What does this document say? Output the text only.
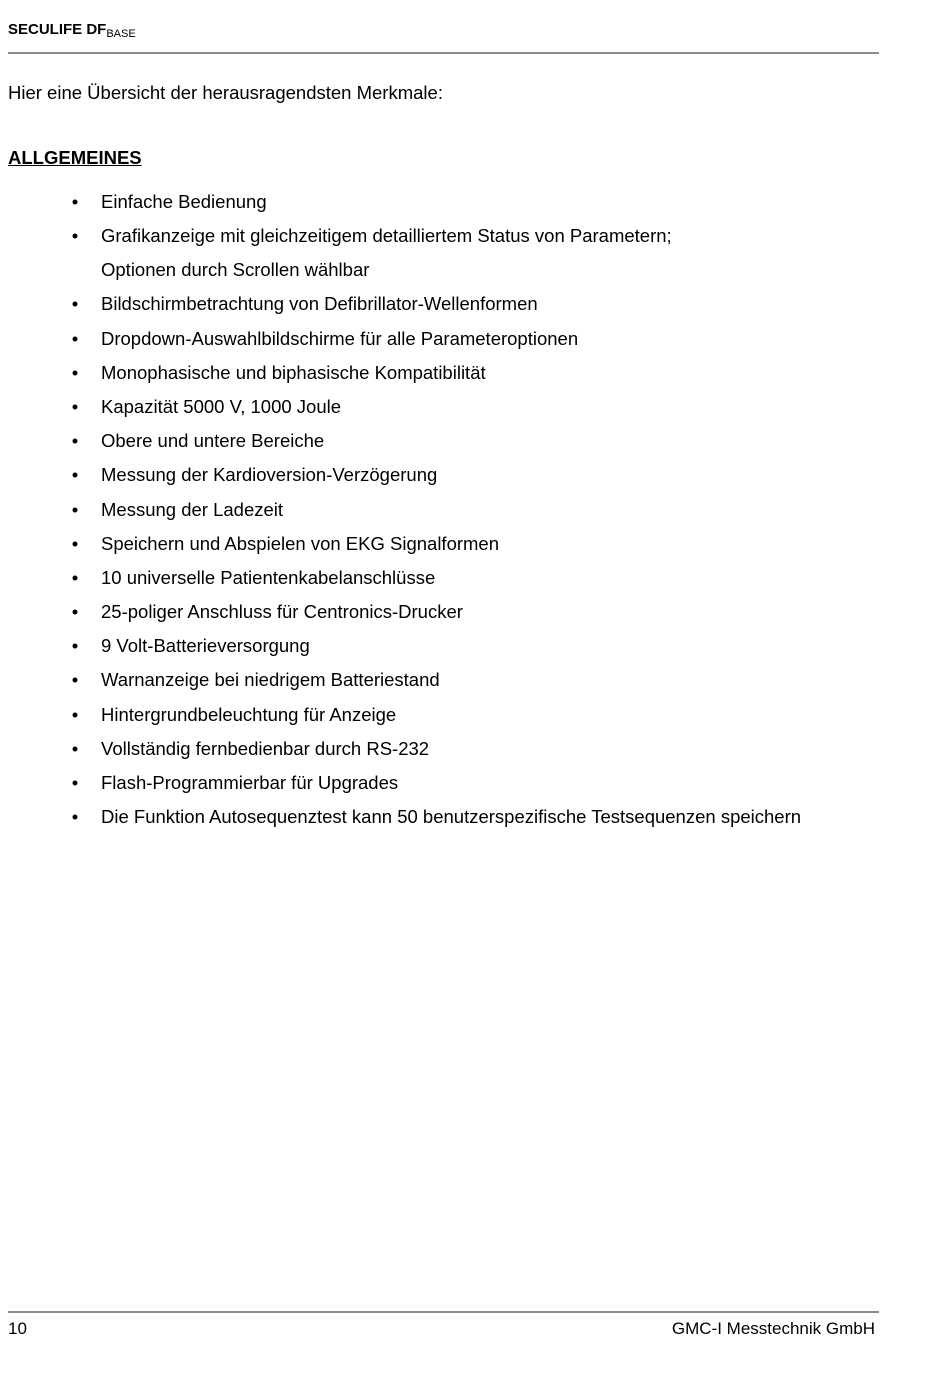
SECULIFE $DF_{BASE}$
Hier eine Übersicht der herausragendsten Merkmale:
ALLGEMEINES
• Einfache Bedienung
• Grafikanzeige mit gleichzeitigem detailliertem Status von Parametern;
Optionen durch Scrollen wählbar
• Bildschirmbetrachtung von Defibrillator-Wellenformen
• Dropdown-Auswahlbildschirme für alle Parameteroptionen
• Monophasische und biphasische Kompatibilität
• Kapazität 5000 V, 1000 Joule
• Obere und untere Bereiche
• Messung der Kardioversion-Verzögerung
• Messung der Ladezeit
• Speichern und Abspielen von EKG Signalformen
• 10 universelle Patientenkabelanschlüsse
• 25-poliger Anschluss für Centronics-Drucker
• 9 Volt-Batterieversorgung
• Warnanzeige bei niedrigem Batteriestand
• Hintergrundbeleuchtung für Anzeige
• Vollständig fernbedienbar durch RS-232
• Flash-Programmierbar für Upgrades
• Die Funktion Autosequenztest kann 50 benutzerspezifische Testsequenzen speichern
10	GMC-I Messtechnik GmbH
